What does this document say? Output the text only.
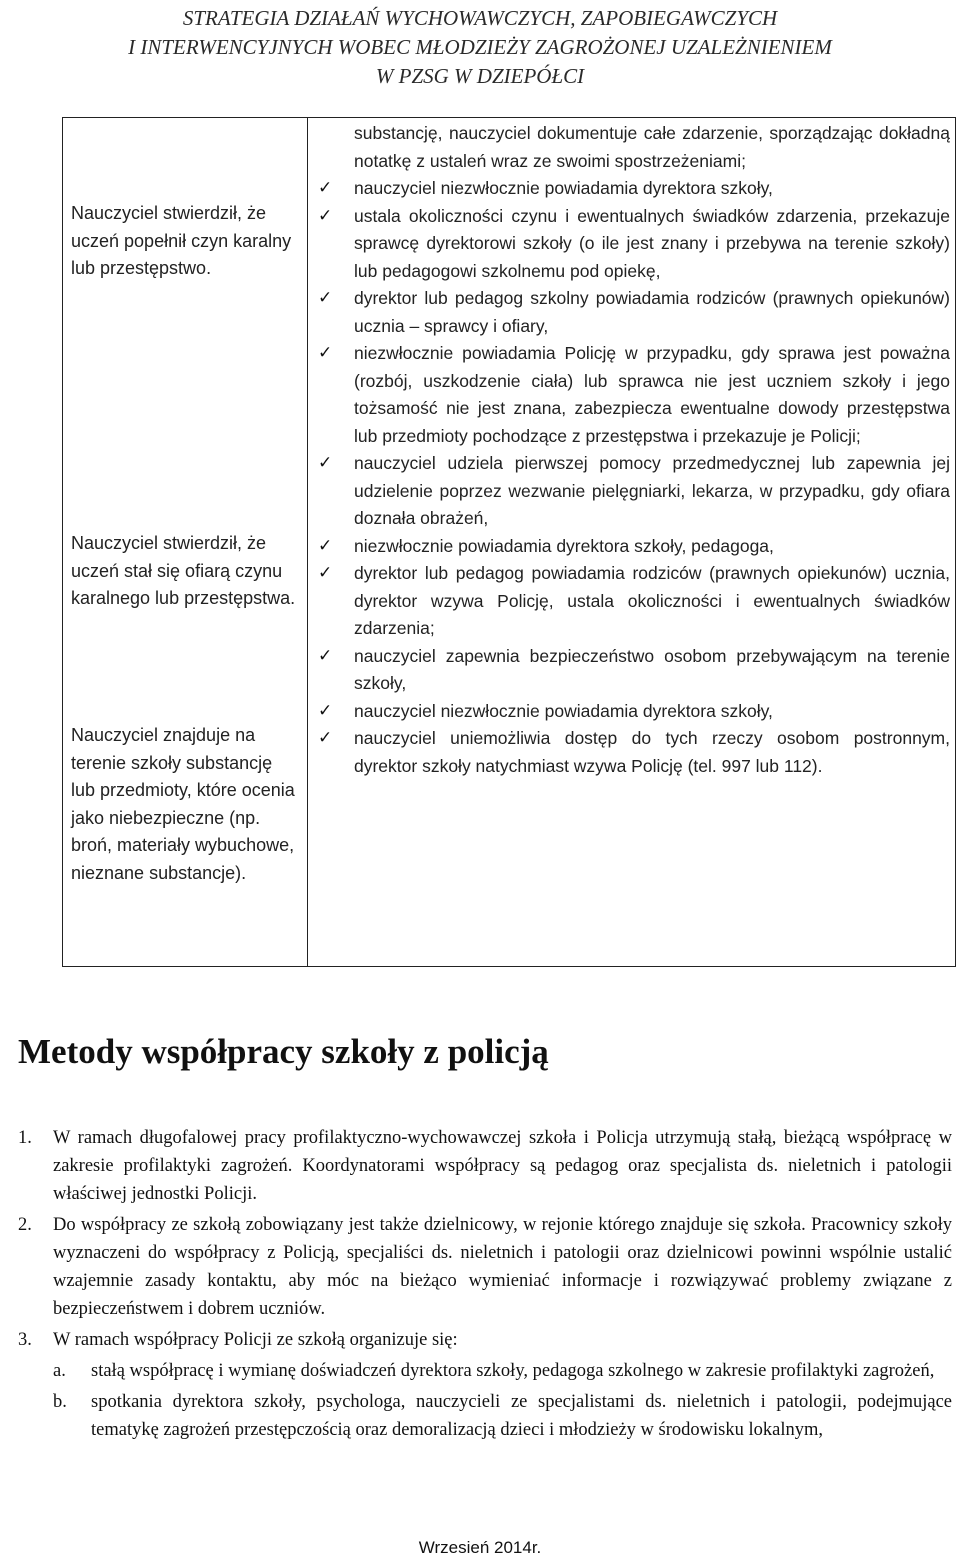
STRATEGIA DZIAŁAŃ WYCHOWAWCZYCH, ZAPOBIEGAWCZYCH
I INTERWENCYJNYCH WOBEC MŁODZIEŻY ZAGROŻONEJ UZALEŻNIENIEM
W PZSG W DZIEPÓŁCI
Nauczyciel stwierdził, że uczeń popełnił czyn karalny lub przestępstwo.
Nauczyciel stwierdził, że uczeń stał się ofiarą czynu karalnego lub przestępstwa.
Nauczyciel znajduje na terenie szkoły substancję lub przedmioty, które ocenia jako niebezpieczne (np. broń, materiały wybuchowe, nieznane substancje).

substancję, nauczyciel dokumentuje całe zdarzenie, sporządzając dokładną notatkę z ustaleń wraz ze swoimi spostrzeżeniami;
✓	nauczyciel niezwłocznie powiadamia dyrektora szkoły,
✓	ustala okoliczności czynu i ewentualnych świadków zdarzenia, przekazuje sprawcę dyrektorowi szkoły (o ile jest znany i przebywa na terenie szkoły) lub pedagogowi szkolnemu pod opiekę,
✓	dyrektor lub pedagog szkolny powiadamia rodziców (prawnych opiekunów) ucznia – sprawcy i ofiary,
✓	niezwłocznie powiadamia Policję w przypadku, gdy sprawa jest poważna (rozbój, uszkodzenie ciała) lub sprawca nie jest uczniem szkoły i jego tożsamość nie jest znana, zabezpiecza ewentualne dowody przestępstwa lub przedmioty pochodzące z przestępstwa i przekazuje je Policji;
✓	nauczyciel udziela pierwszej pomocy przedmedycznej lub zapewnia jej udzielenie poprzez wezwanie pielęgniarki, lekarza, w przypadku, gdy ofiara doznała obrażeń,
✓	niezwłocznie powiadamia dyrektora szkoły, pedagoga,
✓	dyrektor lub pedagog powiadamia rodziców (prawnych opiekunów) ucznia, dyrektor wzywa Policję, ustala okoliczności i ewentualnych świadków zdarzenia;
✓	nauczyciel zapewnia bezpieczeństwo osobom przebywającym na terenie szkoły,
✓	nauczyciel niezwłocznie powiadamia dyrektora szkoły,
✓	nauczyciel uniemożliwia dostęp do tych rzeczy osobom postronnym, dyrektor szkoły natychmiast wzywa Policję (tel. 997 lub 112).
Metody współpracy szkoły z policją
1. W ramach długofalowej pracy profilaktyczno-wychowawczej szkoła i Policja utrzymują stałą, bieżącą współpracę w zakresie profilaktyki zagrożeń. Koordynatorami współpracy są pedagog oraz specjalista ds. nieletnich i patologii właściwej jednostki Policji.
2. Do współpracy ze szkołą zobowiązany jest także dzielnicowy, w rejonie którego znajduje się szkoła. Pracownicy szkoły wyznaczeni do współpracy z Policją, specjaliści ds. nieletnich i patologii oraz dzielnicowi powinni wspólnie ustalić wzajemnie zasady kontaktu, aby móc na bieżąco wymieniać informacje i rozwiązywać problemy związane z bezpieczeństwem i dobrem uczniów.
3. W ramach współpracy Policji ze szkołą organizuje się:
a. stałą współpracę i wymianę doświadczeń dyrektora szkoły, pedagoga szkolnego w zakresie profilaktyki zagrożeń,
b. spotkania dyrektora szkoły, psychologa, nauczycieli ze specjalistami ds. nieletnich i patologii, podejmujące tematykę zagrożeń przestępczością oraz demoralizacją dzieci i młodzieży w środowisku lokalnym,
Wrzesień 2014r.
